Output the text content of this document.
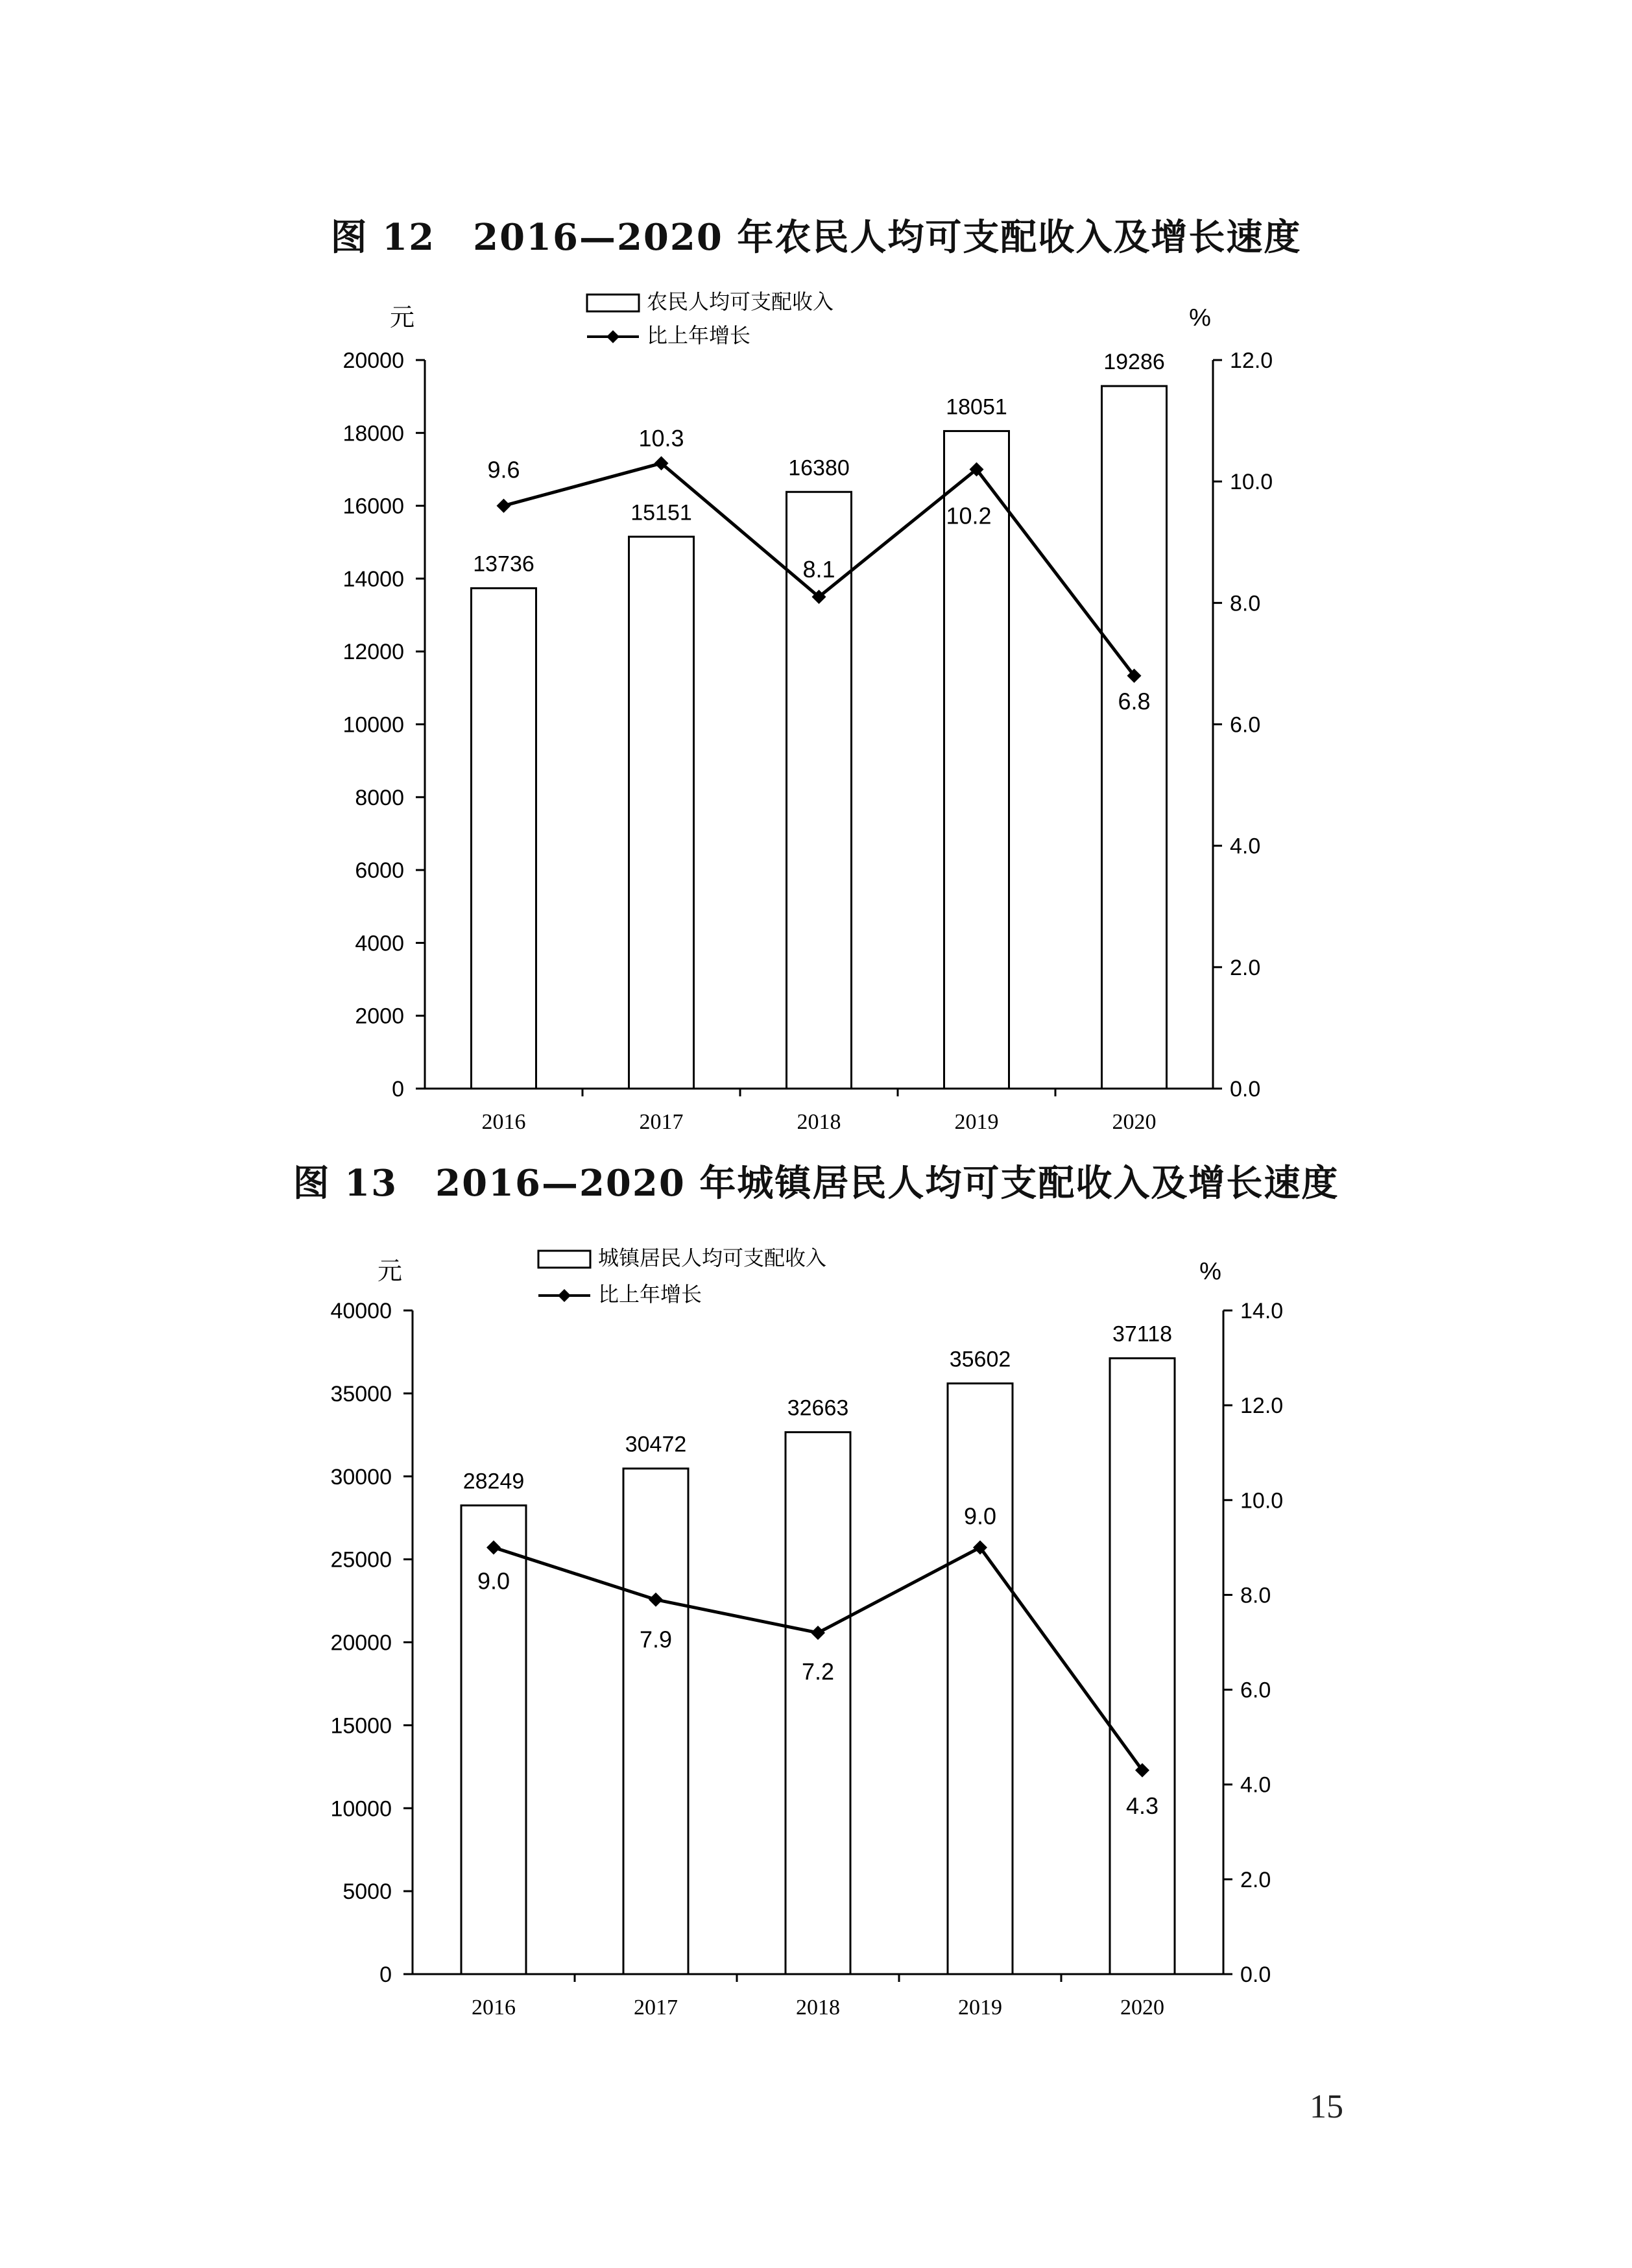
图 12　2016—2020 年农民人均可支配收入及增长速度
0
2000
4000
6000
8000
10000
12000
14000
16000
18000
20000
0.0
2.0
4.0
6.0
8.0
10.0
12.0
2016	2017	2018	2019	2020
元	%
13736
15151
16380
18051
19286
9.6
10.3
8.1
10.2
6.8
农民人均可支配收入
比上年增长
图 13　2016—2020 年城镇居民人均可支配收入及增长速度
0
5000
10000
15000
20000
25000
30000
35000
40000
0.0
2.0
4.0
6.0
8.0
10.0
12.0
14.0
2016	2017	2018	2019	2020
元	%
28249
30472
32663
35602
37118
9.0
7.9
7.2
9.0
4.3
城镇居民人均可支配收入
比上年增长
15
